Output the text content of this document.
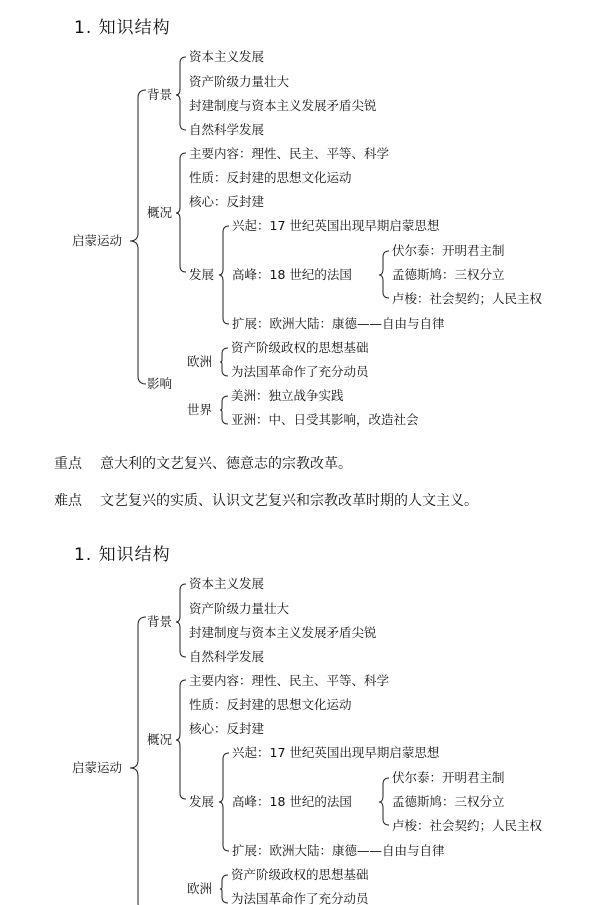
1. 知识结构
启蒙运动
背景
资本主义发展
资产阶级力量壮大
封建制度与资本主义发展矛盾尖锐
自然科学发展
概况
主要内容：理性、民主、平等、科学
性质：反封建的思想文化运动
核心：反封建
发展
兴起：17 世纪英国出现早期启蒙思想
高峰：18 世纪的法国
伏尔泰：开明君主制
孟德斯鸠：三权分立
卢梭：社会契约；人民主权
扩展：欧洲大陆：康德——自由与自律
影响
欧洲
资产阶级政权的思想基础
为法国革命作了充分动员
世界
美洲：独立战争实践
亚洲：中、日受其影响，改造社会
重点 意大利的文艺复兴、德意志的宗教改革。
难点 文艺复兴的实质、认识文艺复兴和宗教改革时期的人文主义。
1. 知识结构
启蒙运动
背景
资本主义发展
资产阶级力量壮大
封建制度与资本主义发展矛盾尖锐
自然科学发展
概况
主要内容：理性、民主、平等、科学
性质：反封建的思想文化运动
核心：反封建
发展
兴起：17 世纪英国出现早期启蒙思想
高峰：18 世纪的法国
伏尔泰：开明君主制
孟德斯鸠：三权分立
卢梭：社会契约；人民主权
扩展：欧洲大陆：康德——自由与自律
欧洲
资产阶级政权的思想基础
为法国革命作了充分动员
